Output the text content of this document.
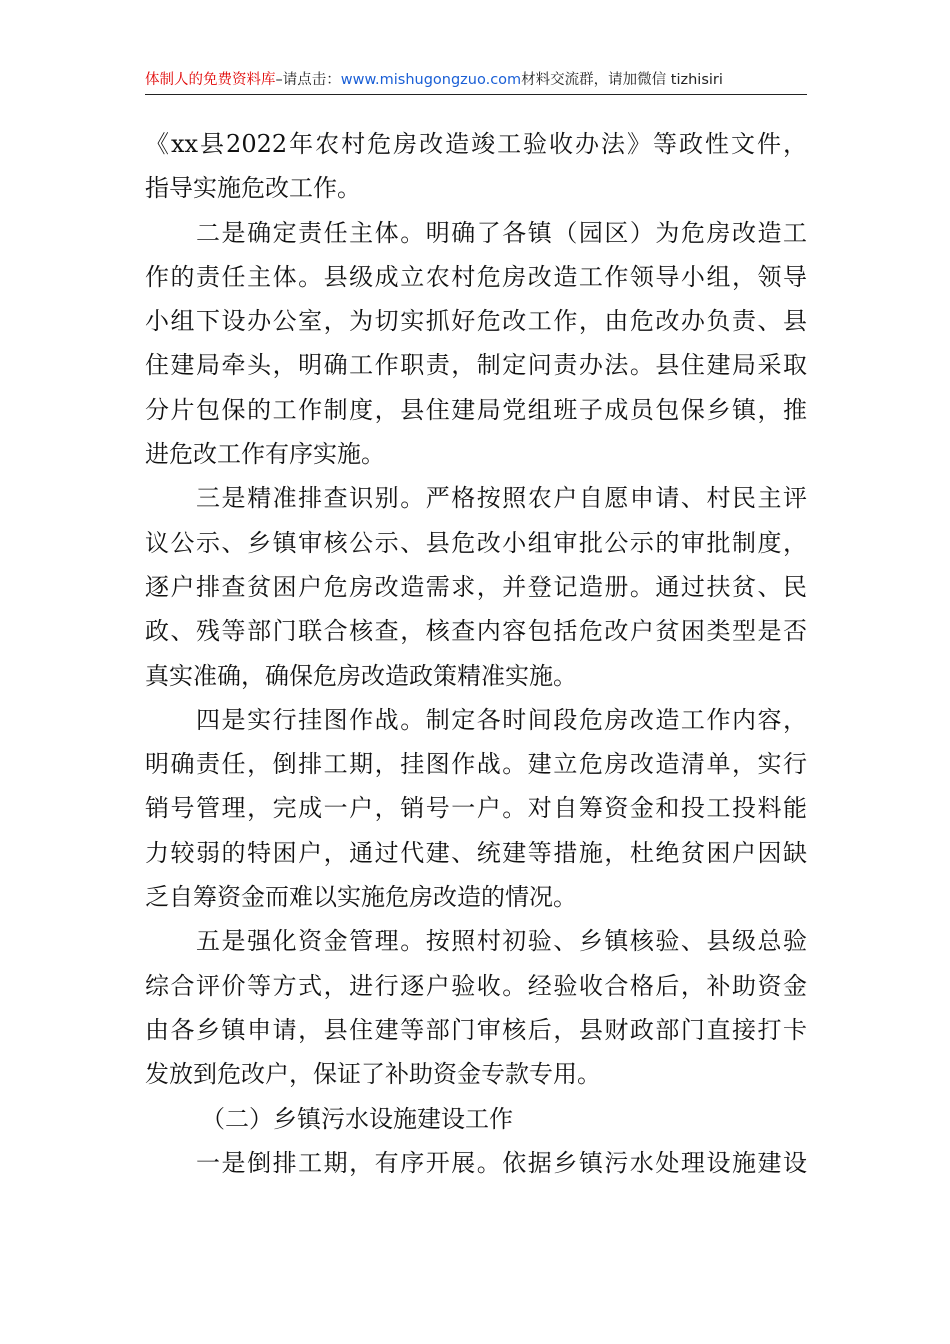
体制人的免费资料库–请点击：www.mishugongzuo.com材料交流群，请加微信 tizhisiri
《xx县2022年农村危房改造竣工验收办法》等政性文件，
指导实施危改工作。
　　二是确定责任主体。明确了各镇（园区）为危房改造工
作的责任主体。县级成立农村危房改造工作领导小组，领导
小组下设办公室，为切实抓好危改工作，由危改办负责、县
住建局牵头，明确工作职责，制定问责办法。县住建局采取
分片包保的工作制度，县住建局党组班子成员包保乡镇，推
进危改工作有序实施。
　　三是精准排查识别。严格按照农户自愿申请、村民主评
议公示、乡镇审核公示、县危改小组审批公示的审批制度，
逐户排查贫困户危房改造需求，并登记造册。通过扶贫、民
政、残等部门联合核查，核查内容包括危改户贫困类型是否
真实准确，确保危房改造政策精准实施。
　　四是实行挂图作战。制定各时间段危房改造工作内容，
明确责任，倒排工期，挂图作战。建立危房改造清单，实行
销号管理，完成一户，销号一户。对自筹资金和投工投料能
力较弱的特困户，通过代建、统建等措施，杜绝贫困户因缺
乏自筹资金而难以实施危房改造的情况。
　　五是强化资金管理。按照村初验、乡镇核验、县级总验
综合评价等方式，进行逐户验收。经验收合格后，补助资金
由各乡镇申请，县住建等部门审核后，县财政部门直接打卡
发放到危改户，保证了补助资金专款专用。
（二）乡镇污水设施建设工作
　　一是倒排工期，有序开展。依据乡镇污水处理设施建设
